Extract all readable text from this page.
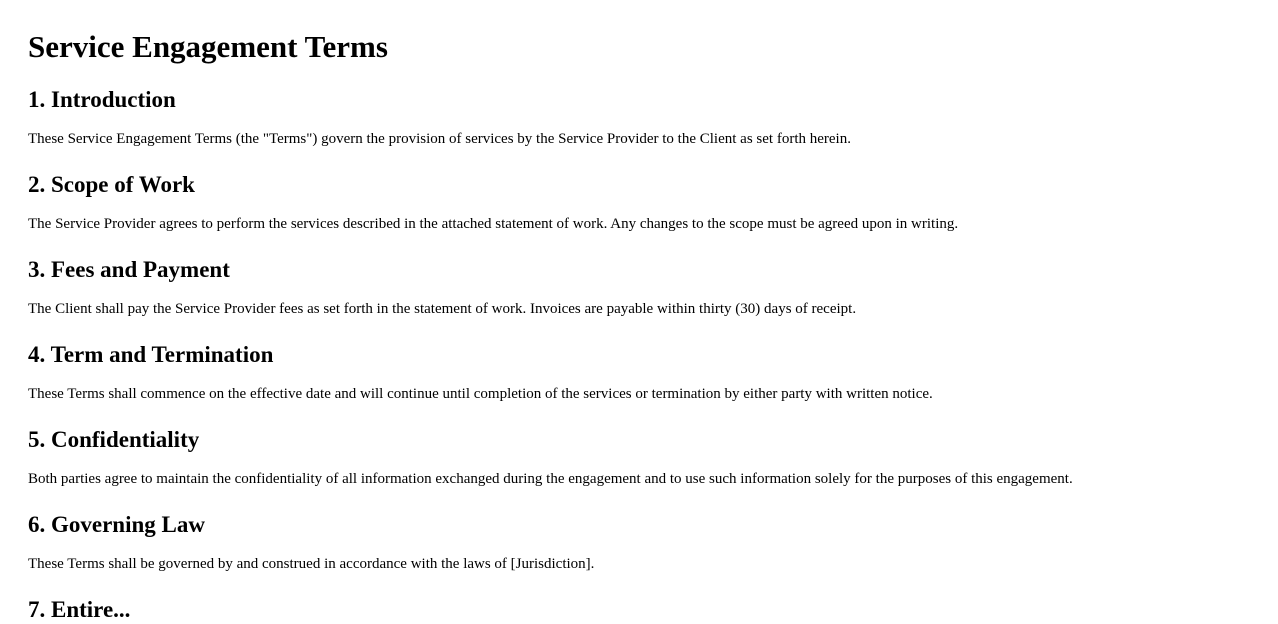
Service Engagement Terms
1. Introduction

These Service Engagement Terms (the "Terms") govern the provision of services by the Service Provider to the Client as set forth herein.

2. Scope of Work

The Service Provider agrees to perform the services described in the attached statement of work. Any changes to the scope must be agreed upon in writing.

3. Fees and Payment

The Client shall pay the Service Provider fees as set forth in the statement of work. Invoices are payable within thirty (30) days of receipt.

4. Term and Termination

These Terms shall commence on the effective date and will continue until completion of the services or termination by either party with written notice.

5. Confidentiality

Both parties agree to maintain the confidentiality of all information exchanged during the engagement and to use such information solely for the purposes of this engagement.

6. Governing Law

These Terms shall be governed by and construed in accordance with the laws of [Jurisdiction].

7. Entire...
